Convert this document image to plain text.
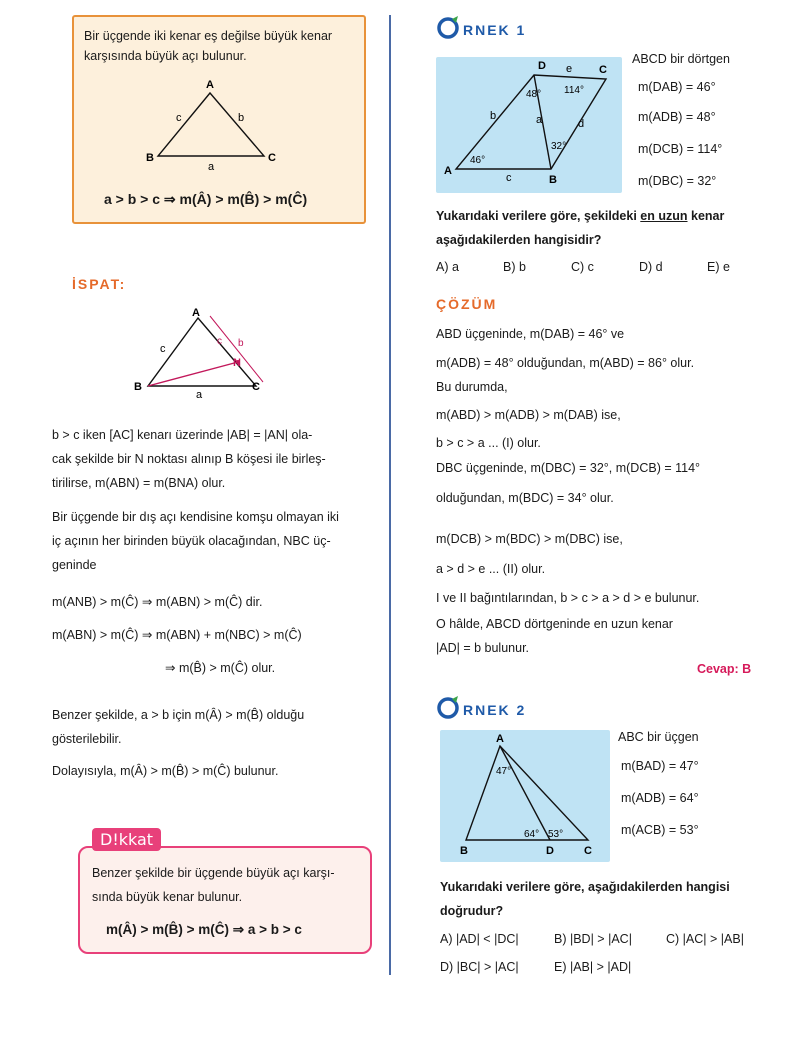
Bir üçgende iki kenar eş değilse büyük kenar
karşısında büyük açı bulunur.
A
B	C
c	b
a
a > b > c ⇒ m(Â) > m(B̂) > m(Ĉ)
İSPAT:
A
B	C
N
c
c b
a
b > c iken [AC] kenarı üzerinde |AB| = |AN| ola-
cak şekilde bir N noktası alınıp B köşesi ile birleş-
tirilirse, m(ABN) = m(BNA) olur.
Bir üçgende bir dış açı kendisine komşu olmayan iki
iç açının her birinden büyük olacağından, NBC üç-
geninde
m(ANB) > m(Ĉ) ⇒ m(ABN) > m(Ĉ) dir.
m(ABN) > m(Ĉ) ⇒ m(ABN) + m(NBC) > m(Ĉ)
⇒ m(B̂) > m(Ĉ) olur.
Benzer şekilde, a > b için m(Â) > m(B̂) olduğu
gösterilebilir.
Dolayısıyla, m(Â) > m(B̂) > m(Ĉ) bulunur.
Benzer şekilde bir üçgende büyük açı karşı-
sında büyük kenar bulunur.
m(Â) > m(B̂) > m(Ĉ) ⇒ a > b > c
D!kkat
RNEK 1
A
B
C
D
b	a
c
d
e
46°
48° 114°
32°
ABCD bir dörtgen
m(DAB) = 46°
m(ADB) = 48°
m(DCB) = 114°
m(DBC) = 32°
Yukarıdaki verilere göre, şekildeki en uzun kenar
aşağıdakilerden hangisidir?
A) a	B) b	C) c	D) d	E) e
ÇÖZÜM
ABD üçgeninde, m(DAB) = 46° ve
m(ADB) = 48° olduğundan, m(ABD) = 86° olur.
Bu durumda,
m(ABD) > m(ADB) > m(DAB) ise,
b > c > a ... (I) olur.
DBC üçgeninde, m(DBC) = 32°, m(DCB) = 114°
olduğundan, m(BDC) = 34° olur.
m(DCB) > m(BDC) > m(DBC) ise,
a > d > e ... (II) olur.
I ve II bağıntılarından, b > c > a > d > e bulunur.
O hâlde, ABCD dörtgeninde en uzun kenar
|AD| = b bulunur.
Cevap: B
RNEK 2
A
B	C
D
47°
64° 53°
ABC bir üçgen
m(BAD) = 47°
m(ADB) = 64°
m(ACB) = 53°
Yukarıdaki verilere göre, aşağıdakilerden hangisi
doğrudur?
A) |AD| < |DC|	B) |BD| > |AC|	C) |AC| > |AB|
D) |BC| > |AC|	E) |AB| > |AD|
